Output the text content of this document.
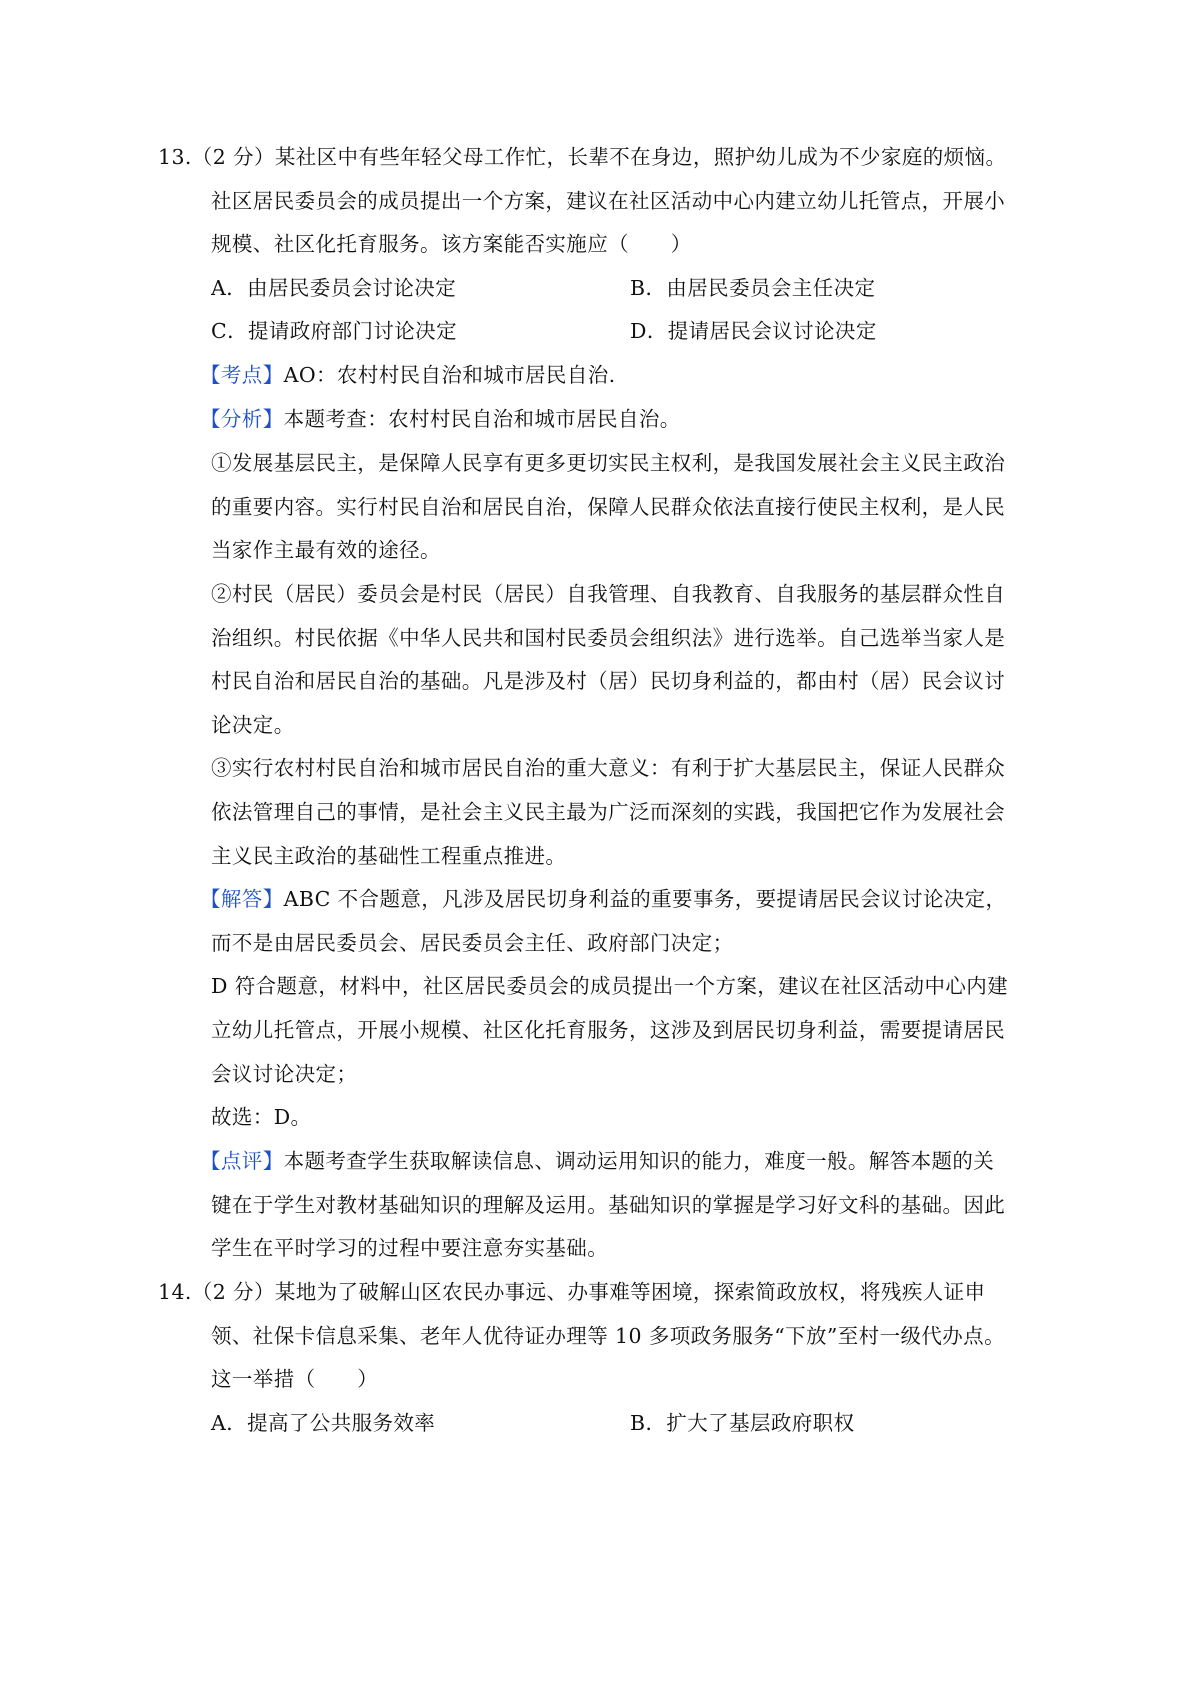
13.（2 分）某社区中有些年轻父母工作忙，长辈不在身边，照护幼儿成为不少家庭的烦恼。
社区居民委员会的成员提出一个方案，建议在社区活动中心内建立幼儿托管点，开展小
规模、社区化托育服务。该方案能否实施应（　　）
A．由居民委员会讨论决定	B．由居民委员会主任决定
C．提请政府部门讨论决定	D．提请居民会议讨论决定
【考点】AO：农村村民自治和城市居民自治.
【分析】本题考查：农村村民自治和城市居民自治。
①发展基层民主，是保障人民享有更多更切实民主权利，是我国发展社会主义民主政治
的重要内容。实行村民自治和居民自治，保障人民群众依法直接行使民主权利，是人民
当家作主最有效的途径。
②村民（居民）委员会是村民（居民）自我管理、自我教育、自我服务的基层群众性自
治组织。村民依据《中华人民共和国村民委员会组织法》进行选举。自己选举当家人是
村民自治和居民自治的基础。凡是涉及村（居）民切身利益的，都由村（居）民会议讨
论决定。
③实行农村村民自治和城市居民自治的重大意义：有利于扩大基层民主，保证人民群众
依法管理自己的事情，是社会主义民主最为广泛而深刻的实践，我国把它作为发展社会
主义民主政治的基础性工程重点推进。
【解答】ABC 不合题意，凡涉及居民切身利益的重要事务，要提请居民会议讨论决定，
而不是由居民委员会、居民委员会主任、政府部门决定；
D 符合题意，材料中，社区居民委员会的成员提出一个方案，建议在社区活动中心内建
立幼儿托管点，开展小规模、社区化托育服务，这涉及到居民切身利益，需要提请居民
会议讨论决定；
故选：D。
【点评】本题考查学生获取解读信息、调动运用知识的能力，难度一般。解答本题的关
键在于学生对教材基础知识的理解及运用。基础知识的掌握是学习好文科的基础。因此
学生在平时学习的过程中要注意夯实基础。
14.（2 分）某地为了破解山区农民办事远、办事难等困境，探索简政放权，将残疾人证申
领、社保卡信息采集、老年人优待证办理等 10 多项政务服务“下放”至村一级代办点。
这一举措（　　）
A．提高了公共服务效率	B．扩大了基层政府职权
